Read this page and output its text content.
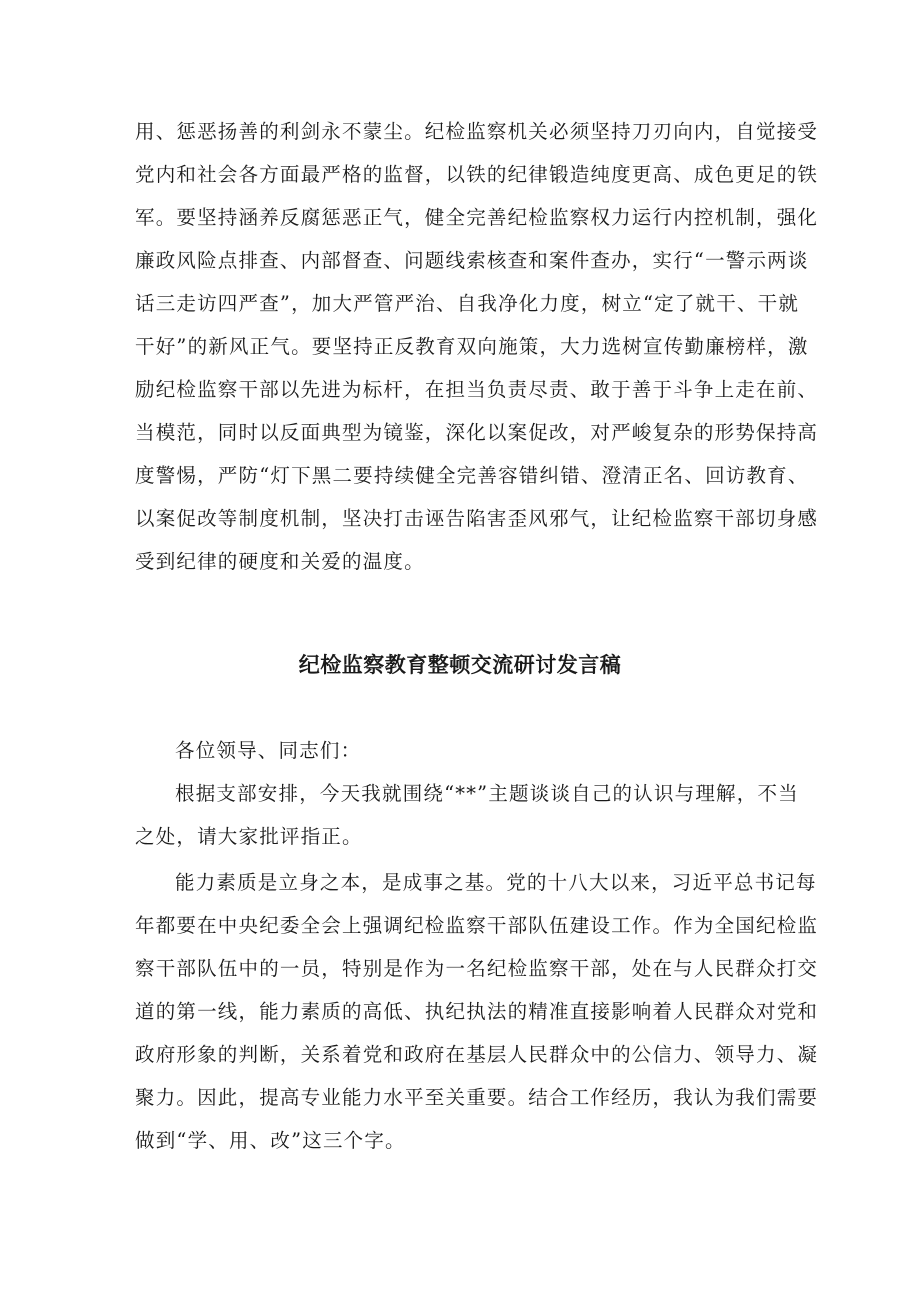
用、惩恶扬善的利剑永不蒙尘。纪检监察机关必须坚持刀刃向内，自觉接受

党内和社会各方面最严格的监督，以铁的纪律锻造纯度更高、成色更足的铁

军。要坚持涵养反腐惩恶正气，健全完善纪检监察权力运行内控机制，强化

廉政风险点排查、内部督查、问题线索核查和案件查办，实行“一警示两谈

话三走访四严查”，加大严管严治、自我净化力度，树立“定了就干、干就

干好”的新风正气。要坚持正反教育双向施策，大力选树宣传勤廉榜样，激

励纪检监察干部以先进为标杆，在担当负责尽责、敢于善于斗争上走在前、

当模范，同时以反面典型为镜鉴，深化以案促改，对严峻复杂的形势保持高

度警惕，严防“灯下黑二要持续健全完善容错纠错、澄清正名、回访教育、

以案促改等制度机制，坚决打击诬告陷害歪风邪气，让纪检监察干部切身感

受到纪律的硬度和关爱的温度。

纪检监察教育整顿交流研讨发言稿

各位领导、同志们：

根据支部安排，今天我就围绕“**”主题谈谈自己的认识与理解，不当

之处，请大家批评指正。

能力素质是立身之本，是成事之基。党的十八大以来，习近平总书记每

年都要在中央纪委全会上强调纪检监察干部队伍建设工作。作为全国纪检监

察干部队伍中的一员，特别是作为一名纪检监察干部，处在与人民群众打交

道的第一线，能力素质的高低、执纪执法的精准直接影响着人民群众对党和

政府形象的判断，关系着党和政府在基层人民群众中的公信力、领导力、凝

聚力。因此，提高专业能力水平至关重要。结合工作经历，我认为我们需要

做到“学、用、改”这三个字。
